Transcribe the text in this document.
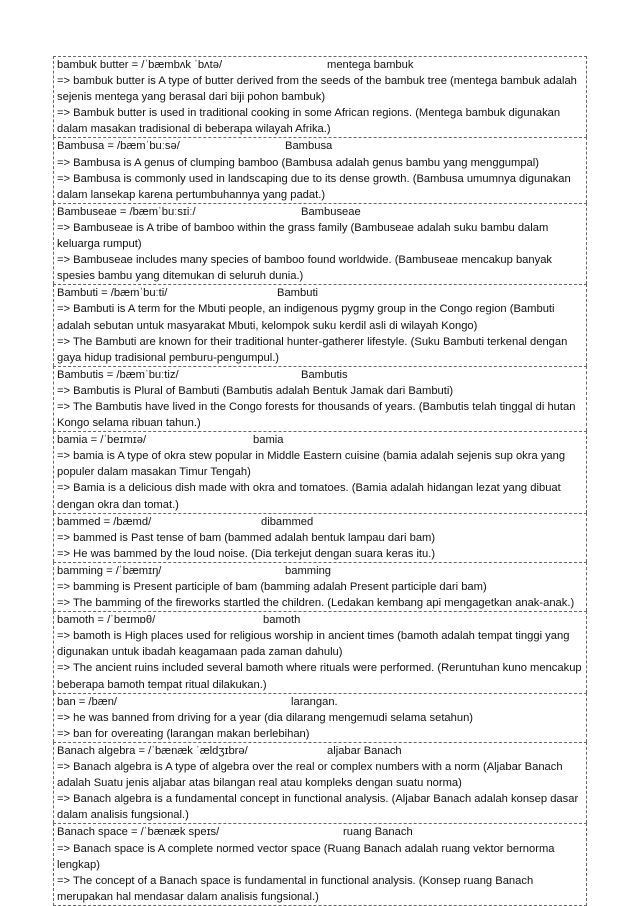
bambuk butter = /ˈbæmbʌk ˈbʌtə/	mentega bambuk
=> bambuk butter is A type of butter derived from the seeds of the bambuk tree (mentega bambuk adalah sejenis mentega yang berasal dari biji pohon bambuk)
=> Bambuk butter is used in traditional cooking in some African regions. (Mentega bambuk digunakan dalam masakan tradisional di beberapa wilayah Afrika.)
Bambusa = /bæmˈbuːsə/	Bambusa
=> Bambusa is A genus of clumping bamboo (Bambusa adalah genus bambu yang menggumpal)
=> Bambusa is commonly used in landscaping due to its dense growth. (Bambusa umumnya digunakan dalam lansekap karena pertumbuhannya yang padat.)
Bambuseae = /bæmˈbuːsɪiː/	Bambuseae
=> Bambuseae is A tribe of bamboo within the grass family (Bambuseae adalah suku bambu dalam keluarga rumput)
=> Bambuseae includes many species of bamboo found worldwide. (Bambuseae mencakup banyak spesies bambu yang ditemukan di seluruh dunia.)
Bambuti = /bæmˈbuːti/	Bambuti
=> Bambuti is A term for the Mbuti people, an indigenous pygmy group in the Congo region (Bambuti adalah sebutan untuk masyarakat Mbuti, kelompok suku kerdil asli di wilayah Kongo)
=> The Bambuti are known for their traditional hunter-gatherer lifestyle. (Suku Bambuti terkenal dengan gaya hidup tradisional pemburu-pengumpul.)
Bambutis = /bæmˈbuːtiz/	Bambutis
=> Bambutis is Plural of Bambuti (Bambutis adalah Bentuk Jamak dari Bambuti)
=> The Bambutis have lived in the Congo forests for thousands of years. (Bambutis telah tinggal di hutan Kongo selama ribuan tahun.)
bamia = /ˈbeɪmɪə/	bamia
=> bamia is A type of okra stew popular in Middle Eastern cuisine (bamia adalah sejenis sup okra yang populer dalam masakan Timur Tengah)
=> Bamia is a delicious dish made with okra and tomatoes. (Bamia adalah hidangan lezat yang dibuat dengan okra dan tomat.)
bammed = /bæmd/	dibammed
=> bammed is Past tense of bam (bammed adalah bentuk lampau dari bam)
=> He was bammed by the loud noise. (Dia terkejut dengan suara keras itu.)
bamming = /ˈbæmɪŋ/	bamming
=> bamming is Present participle of bam (bamming adalah Present participle dari bam)
=> The bamming of the fireworks startled the children. (Ledakan kembang api mengagetkan anak-anak.)
bamoth = /ˈbeɪmɒθ/	bamoth
=> bamoth is High places used for religious worship in ancient times (bamoth adalah tempat tinggi yang digunakan untuk ibadah keagamaan pada zaman dahulu)
=> The ancient ruins included several bamoth where rituals were performed. (Reruntuhan kuno mencakup beberapa bamoth tempat ritual dilakukan.)
ban = /bæn/	larangan.
=> he was banned from driving for a year (dia dilarang mengemudi selama setahun)
=> ban for overeating (larangan makan berlebihan)
Banach algebra = /ˈbænæk ˈældʒɪbrə/	aljabar Banach
=> Banach algebra is A type of algebra over the real or complex numbers with a norm (Aljabar Banach adalah Suatu jenis aljabar atas bilangan real atau kompleks dengan suatu norma)
=> Banach algebra is a fundamental concept in functional analysis. (Aljabar Banach adalah konsep dasar dalam analisis fungsional.)
Banach space = /ˈbænæk speɪs/	ruang Banach
=> Banach space is A complete normed vector space (Ruang Banach adalah ruang vektor bernorma lengkap)
=> The concept of a Banach space is fundamental in functional analysis. (Konsep ruang Banach merupakan hal mendasar dalam analisis fungsional.)
